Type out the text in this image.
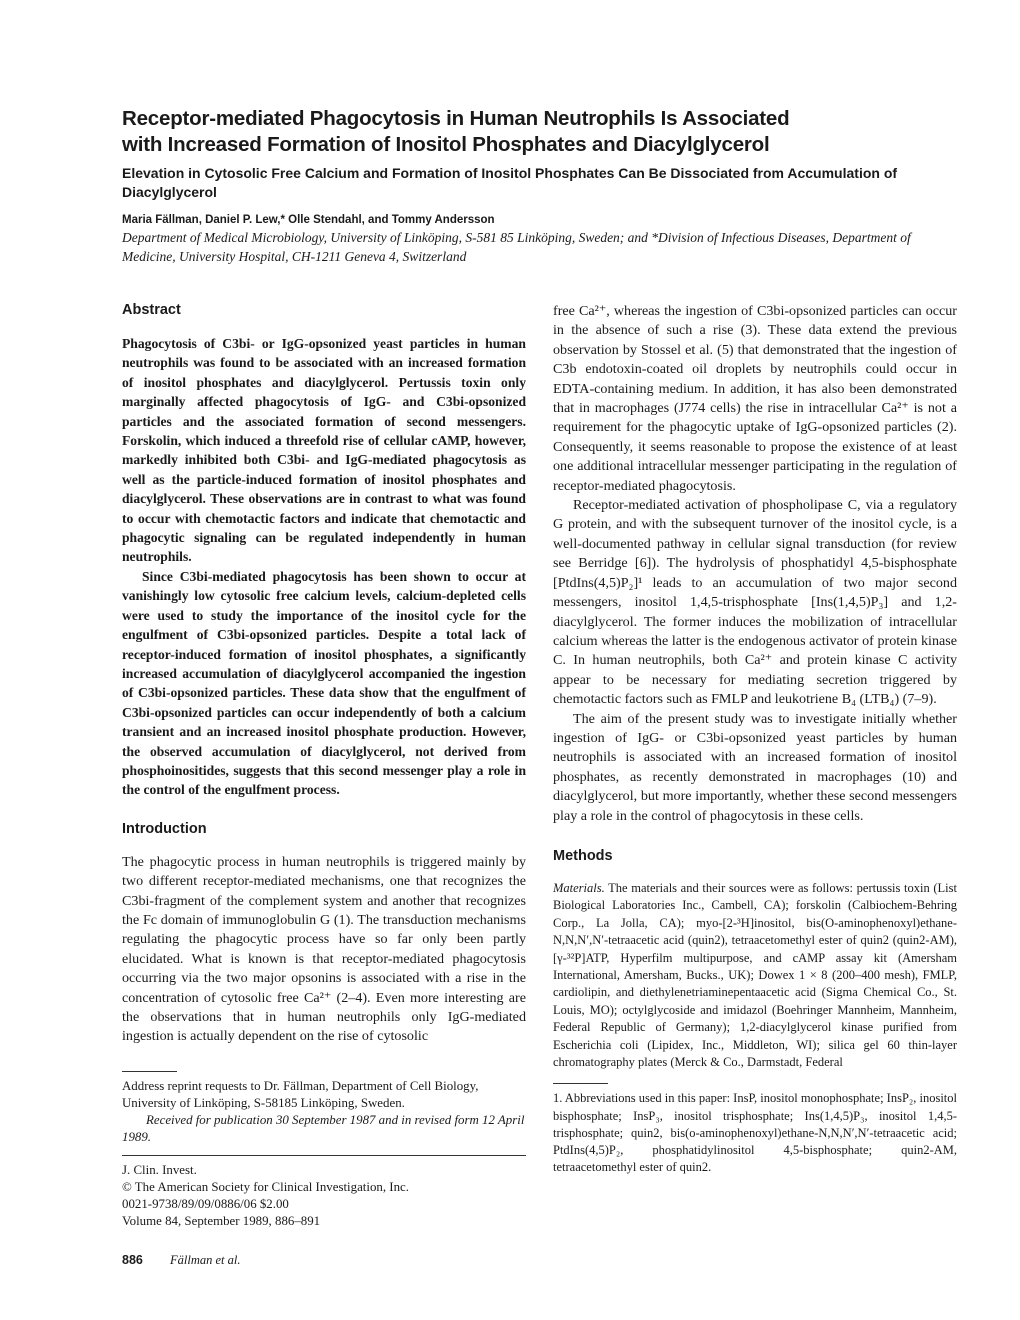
Receptor-mediated Phagocytosis in Human Neutrophils Is Associated
with Increased Formation of Inositol Phosphates and Diacylglycerol
Elevation in Cytosolic Free Calcium and Formation of Inositol Phosphates Can Be Dissociated from Accumulation of Diacylglycerol
Maria Fällman, Daniel P. Lew,* Olle Stendahl, and Tommy Andersson
Department of Medical Microbiology, University of Linköping, S-581 85 Linköping, Sweden; and *Division of Infectious Diseases, Department of Medicine, University Hospital, CH-1211 Geneva 4, Switzerland
Abstract

Phagocytosis of C3bi- or IgG-opsonized yeast particles in human neutrophils was found to be associated with an increased formation of inositol phosphates and diacylglycerol. Pertussis toxin only marginally affected phagocytosis of IgG- and C3bi-opsonized particles and the associated formation of second messengers. Forskolin, which induced a threefold rise of cellular cAMP, however, markedly inhibited both C3bi- and IgG-mediated phagocytosis as well as the particle-induced formation of inositol phosphates and diacylglycerol. These observations are in contrast to what was found to occur with chemotactic factors and indicate that chemotactic and phagocytic signaling can be regulated independently in human neutrophils.

Since C3bi-mediated phagocytosis has been shown to occur at vanishingly low cytosolic free calcium levels, calcium-depleted cells were used to study the importance of the inositol cycle for the engulfment of C3bi-opsonized particles. Despite a total lack of receptor-induced formation of inositol phosphates, a significantly increased accumulation of diacylglycerol accompanied the ingestion of C3bi-opsonized particles. These data show that the engulfment of C3bi-opsonized particles can occur independently of both a calcium transient and an increased inositol phosphate production. However, the observed accumulation of diacylglycerol, not derived from phosphoinositides, suggests that this second messenger play a role in the control of the engulfment process.

Introduction

The phagocytic process in human neutrophils is triggered mainly by two different receptor-mediated mechanisms, one that recognizes the C3bi-fragment of the complement system and another that recognizes the Fc domain of immunoglobulin G (1). The transduction mechanisms regulating the phagocytic process have so far only been partly elucidated. What is known is that receptor-mediated phagocytosis occurring via the two major opsonins is associated with a rise in the concentration of cytosolic free Ca²⁺ (2–4). Even more interesting are the observations that in human neutrophils only IgG-mediated ingestion is actually dependent on the rise of cytosolic

Address reprint requests to Dr. Fällman, Department of Cell Biology, University of Linköping, S-58185 Linköping, Sweden.

Received for publication 30 September 1987 and in revised form 12 April 1989.

J. Clin. Invest.

© The American Society for Clinical Investigation, Inc.

0021-9738/89/09/0886/06 $2.00

Volume 84, September 1989, 886–891

free Ca²⁺, whereas the ingestion of C3bi-opsonized particles can occur in the absence of such a rise (3). These data extend the previous observation by Stossel et al. (5) that demonstrated that the ingestion of C3b endotoxin-coated oil droplets by neutrophils could occur in EDTA-containing medium. In addition, it has also been demonstrated that in macrophages (J774 cells) the rise in intracellular Ca²⁺ is not a requirement for the phagocytic uptake of IgG-opsonized particles (2). Consequently, it seems reasonable to propose the existence of at least one additional intracellular messenger participating in the regulation of receptor-mediated phagocytosis.

Receptor-mediated activation of phospholipase C, via a regulatory G protein, and with the subsequent turnover of the inositol cycle, is a well-documented pathway in cellular signal transduction (for review see Berridge [6]). The hydrolysis of phosphatidyl 4,5-bisphosphate [PtdIns(4,5)P₂]¹ leads to an accumulation of two major second messengers, inositol 1,4,5-trisphosphate [Ins(1,4,5)P₃] and 1,2-diacylglycerol. The former induces the mobilization of intracellular calcium whereas the latter is the endogenous activator of protein kinase C. In human neutrophils, both Ca²⁺ and protein kinase C activity appear to be necessary for mediating secretion triggered by chemotactic factors such as FMLP and leukotriene B₄ (LTB₄) (7–9).

The aim of the present study was to investigate initially whether ingestion of IgG- or C3bi-opsonized yeast particles by human neutrophils is associated with an increased formation of inositol phosphates, as recently demonstrated in macrophages (10) and diacylglycerol, but more importantly, whether these second messengers play a role in the control of phagocytosis in these cells.

Methods

Materials. The materials and their sources were as follows: pertussis toxin (List Biological Laboratories Inc., Cambell, CA); forskolin (Calbiochem-Behring Corp., La Jolla, CA); myo-[2-³H]inositol, bis(O-aminophenoxyl)ethane-N,N,N′,N′-tetraacetic acid (quin2), tetraacetomethyl ester of quin2 (quin2-AM), [γ-³²P]ATP, Hyperfilm multipurpose, and cAMP assay kit (Amersham International, Amersham, Bucks., UK); Dowex 1 × 8 (200–400 mesh), FMLP, cardiolipin, and diethylenetriaminepentaacetic acid (Sigma Chemical Co., St. Louis, MO); octylglycoside and imidazol (Boehringer Mannheim, Mannheim, Federal Republic of Germany); 1,2-diacylglycerol kinase purified from Escherichia coli (Lipidex, Inc., Middleton, WI); silica gel 60 thin-layer chromatography plates (Merck & Co., Darmstadt, Federal

1. Abbreviations used in this paper: InsP, inositol monophosphate; InsP₂, inositol bisphosphate; InsP₃, inositol trisphosphate; Ins(1,4,5)P₃, inositol 1,4,5-trisphosphate; quin2, bis(o-aminophenoxyl)ethane-N,N,N′,N′-tetraacetic acid; PtdIns(4,5)P₂, phosphatidylinositol 4,5-bisphosphate; quin2-AM, tetraacetomethyl ester of quin2.

886 Fällman et al.
